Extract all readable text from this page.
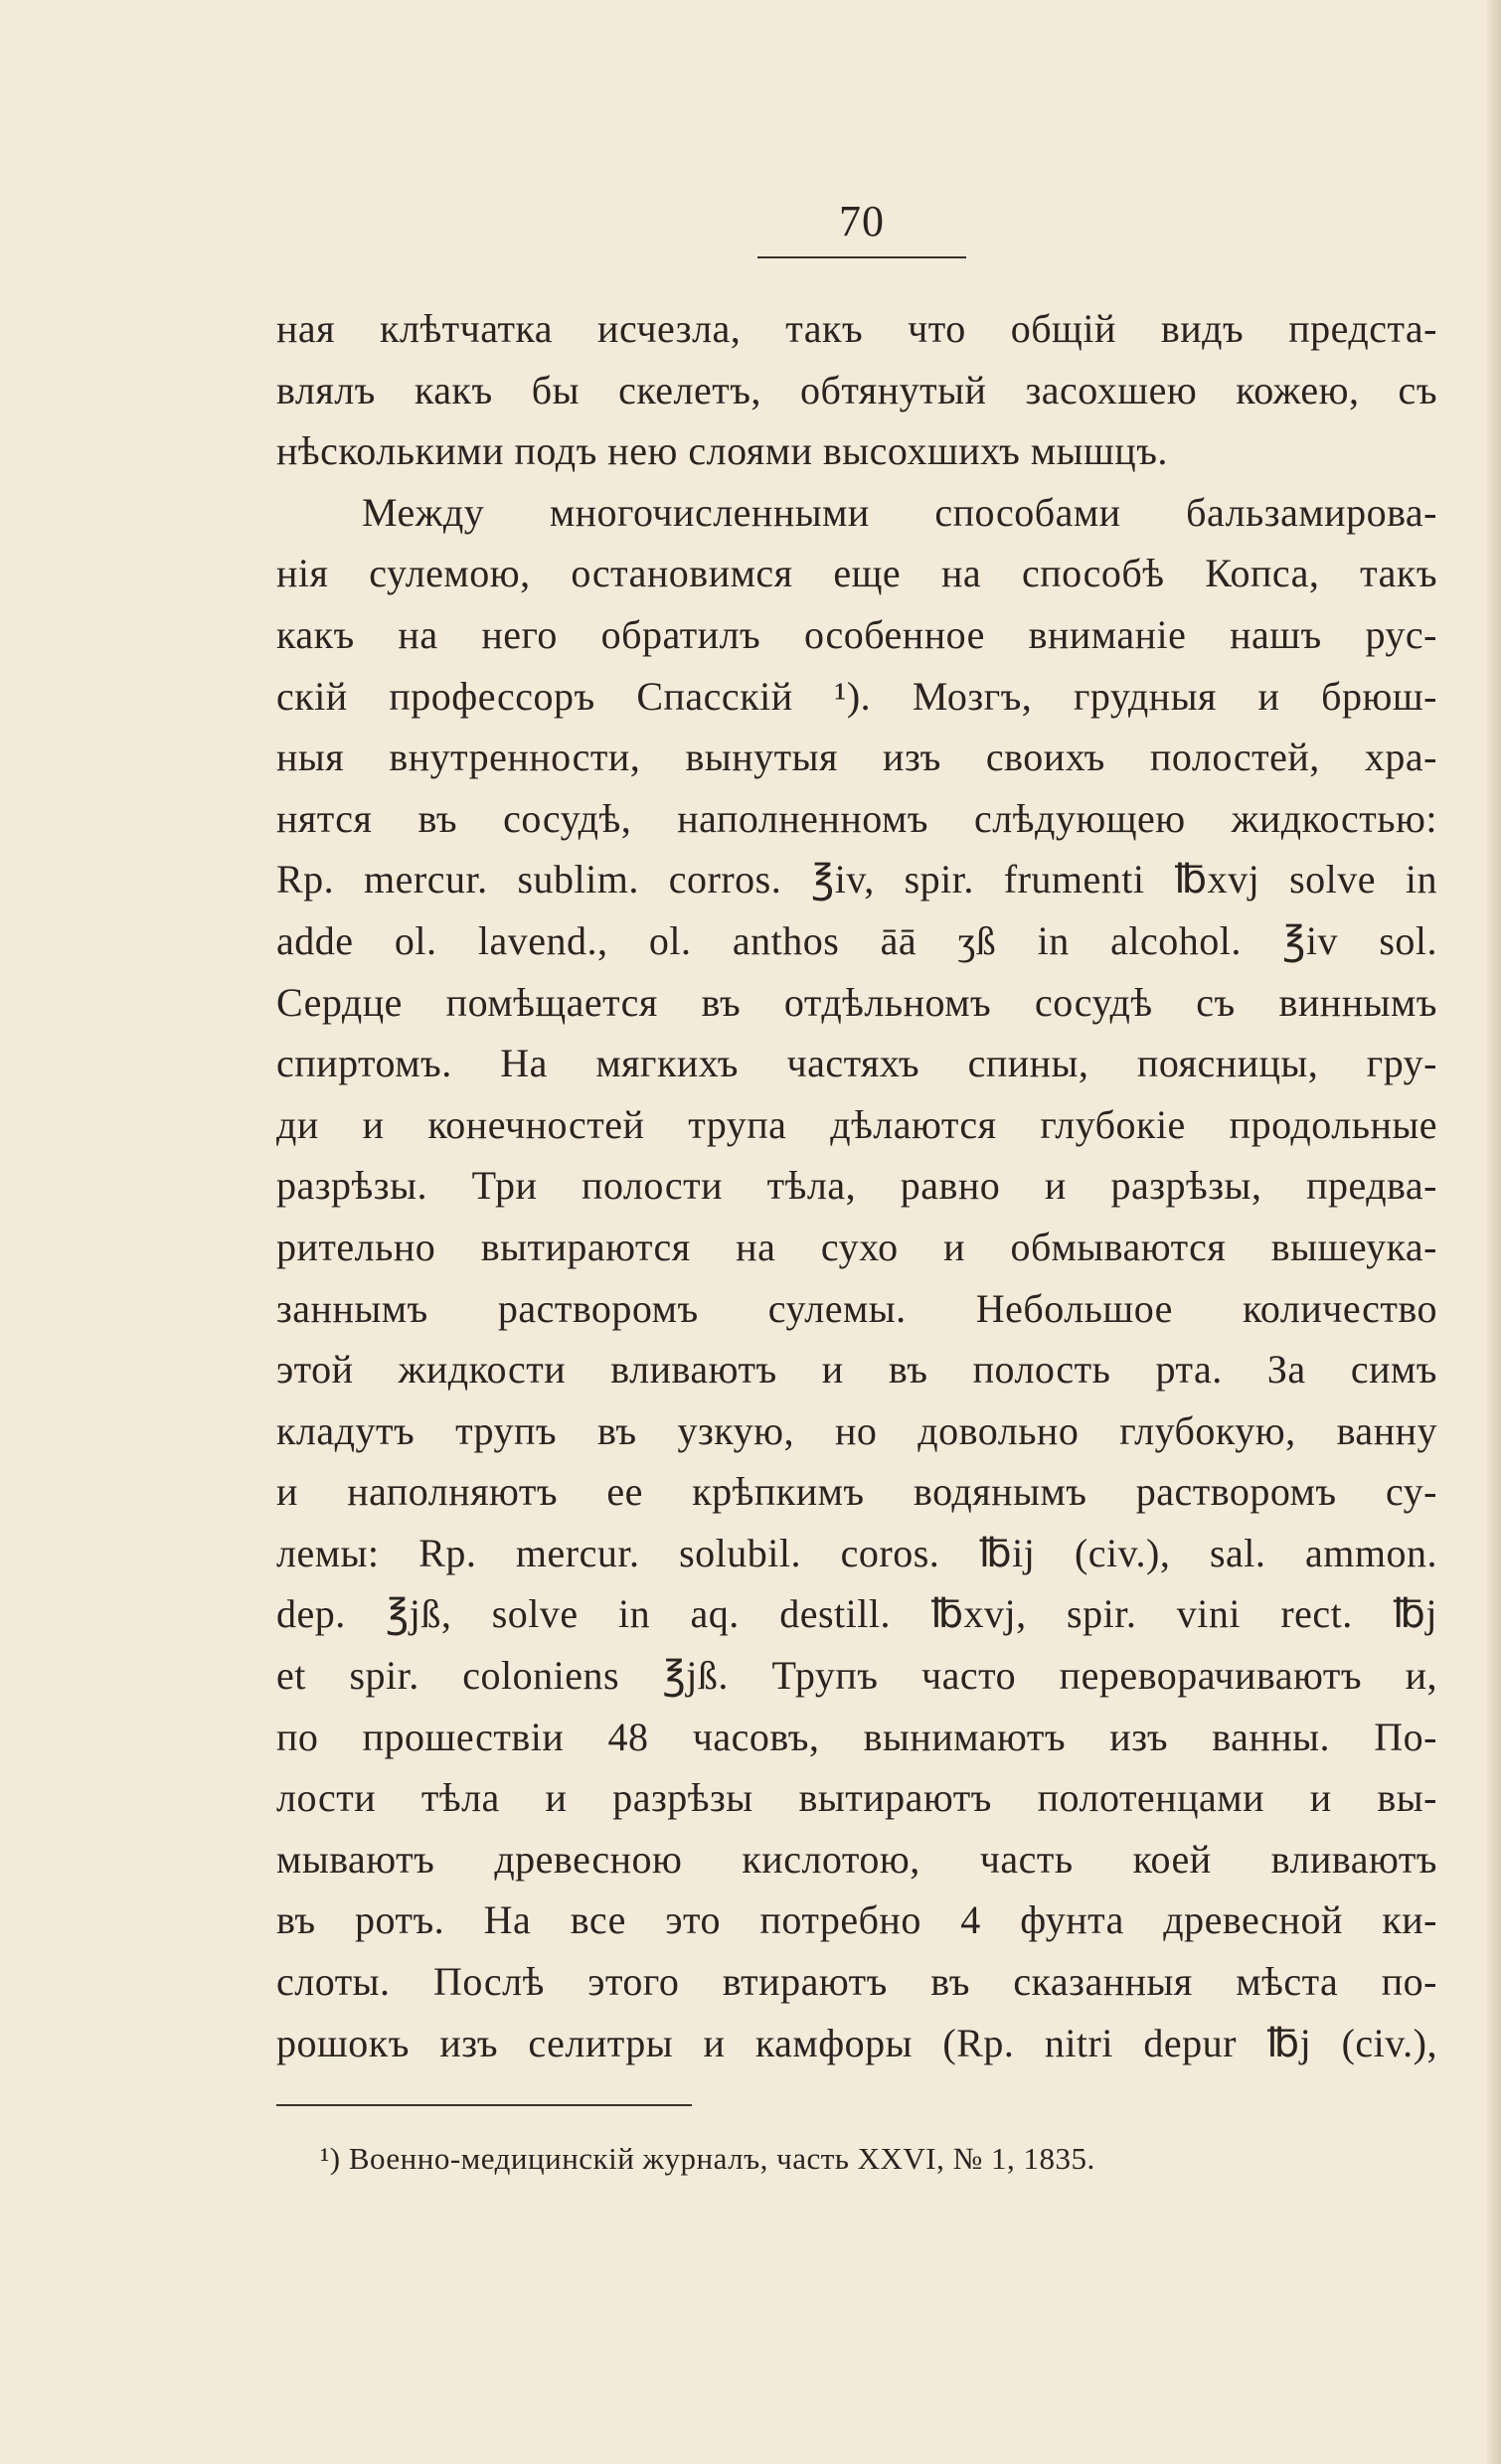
70
ная клѣтчатка исчезла, такъ что общій видъ предста-
влялъ какъ бы скелетъ, обтянутый засохшею кожею, съ
нѣсколькими подъ нею слоями высохшихъ мышцъ.
Между многочисленными способами бальзамирова-
нія сулемою, остановимся еще на способѣ Копса, такъ
какъ на него обратилъ особенное вниманіе нашъ рус-
скій профессоръ Спасскій ¹). Мозгъ, грудныя и брюш-
ныя внутренности, вынутыя изъ своихъ полостей, хра-
нятся въ сосудѣ, наполненномъ слѣдующею жидкостью:
Rp. mercur. sublim. corros. ℥iv, spir. frumenti ℔xvj solve in
adde ol. lavend., ol. anthos āā ʒß in alcohol. ℥iv sol.
Сердце помѣщается въ отдѣльномъ сосудѣ съ виннымъ
спиртомъ. На мягкихъ частяхъ спины, поясницы, гру-
ди и конечностей трупа дѣлаются глубокіе продольные
разрѣзы. Три полости тѣла, равно и разрѣзы, предва-
рительно вытираются на сухо и обмываются вышеука-
заннымъ растворомъ сулемы. Небольшое количество
этой жидкости вливаютъ и въ полость рта. За симъ
кладутъ трупъ въ узкую, но довольно глубокую, ванну
и наполняютъ ее крѣпкимъ водянымъ растворомъ су-
лемы: Rp. mercur. solubil. coros. ℔ij (civ.), sal. ammon.
dep. ℥jß, solve in aq. destill. ℔xvj, spir. vini rect. ℔j
et spir. coloniens ℥jß. Трупъ часто переворачиваютъ и,
по прошествіи 48 часовъ, вынимаютъ изъ ванны. По-
лости тѣла и разрѣзы вытираютъ полотенцами и вы-
мываютъ древесною кислотою, часть коей вливаютъ
въ ротъ. На все это потребно 4 фунта древесной ки-
слоты. Послѣ этого втираютъ въ сказанныя мѣста по-
рошокъ изъ селитры и камфоры (Rp. nitri depur ℔j (civ.),
¹) Военно-медицинскій журналъ, часть XXVI, № 1, 1835.
